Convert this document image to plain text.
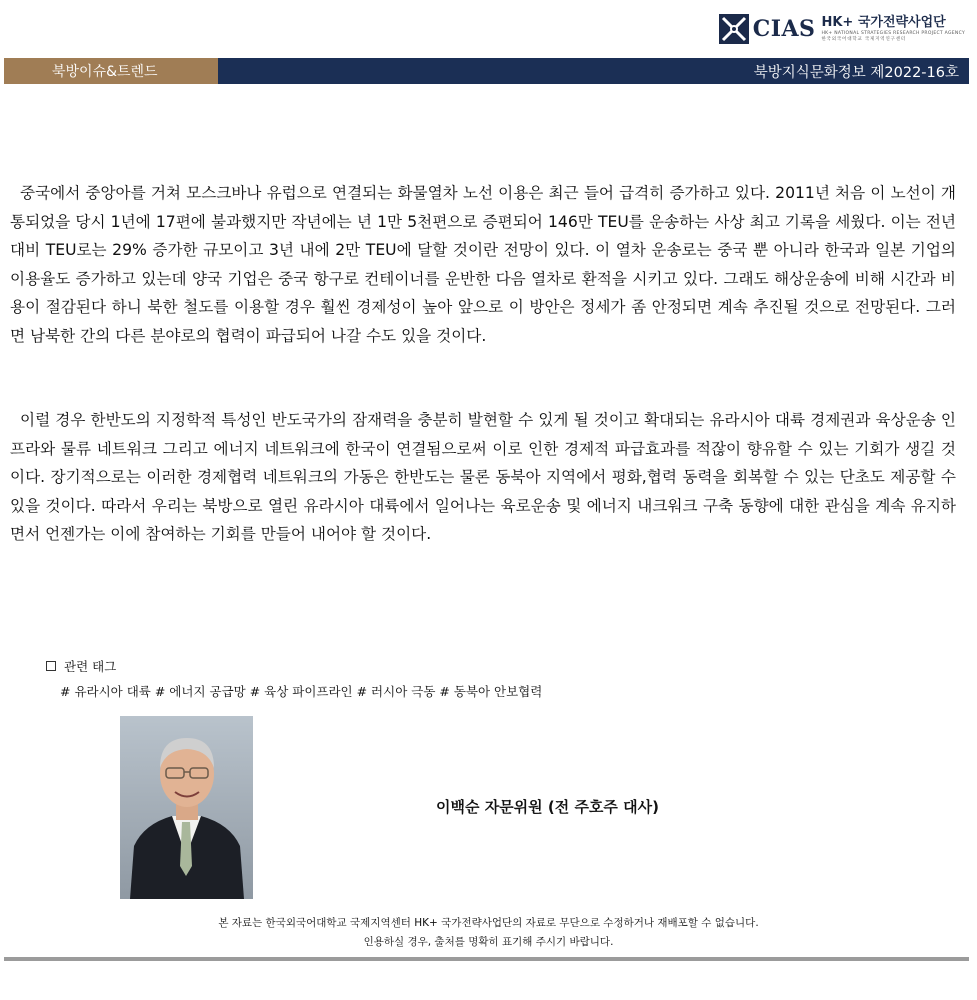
CIAS HK+ 국가전략사업단
HK+ NATIONAL STRATEGIES RESEARCH PROJECT AGENCY
한국외국어대학교 국제지역연구센터
북방이슈&트렌드	북방지식문화정보 제2022-16호

중국에서 중앙아를 거쳐 모스크바나 유럽으로 연결되는 화물열차 노선 이용은 최근 들어 급격히 증가하고 있다. 2011년 처음 이 노선이 개통되었을 당시 1년에 17편에 불과했지만 작년에는 년 1만 5천편으로 증편되어 146만 TEU를 운송하는 사상 최고 기록을 세웠다. 이는 전년 대비 TEU로는 29% 증가한 규모이고 3년 내에 2만 TEU에 달할 것이란 전망이 있다. 이 열차 운송로는 중국 뿐 아니라 한국과 일본 기업의 이용율도 증가하고 있는데 양국 기업은 중국 항구로 컨테이너를 운반한 다음 열차로 환적을 시키고 있다. 그래도 해상운송에 비해 시간과 비용이 절감된다 하니 북한 철도를 이용할 경우 훨씬 경제성이 높아 앞으로 이 방안은 정세가 좀 안정되면 계속 추진될 것으로 전망된다. 그러면 남북한 간의 다른 분야로의 협력이 파급되어 나갈 수도 있을 것이다.

이럴 경우 한반도의 지정학적 특성인 반도국가의 잠재력을 충분히 발현할 수 있게 될 것이고 확대되는 유라시아 대륙 경제권과 육상운송 인프라와 물류 네트워크 그리고 에너지 네트워크에 한국이 연결됨으로써 이로 인한 경제적 파급효과를 적잖이 향유할 수 있는 기회가 생길 것이다. 장기적으로는 이러한 경제협력 네트워크의 가동은 한반도는 물론 동북아 지역에서 평화,협력 동력을 회복할 수 있는 단초도 제공할 수 있을 것이다. 따라서 우리는 북방으로 열린 유라시아 대륙에서 일어나는 육로운송 및 에너지 내크워크 구축 동향에 대한 관심을 계속 유지하면서 언젠가는 이에 참여하는 기회를 만들어 내어야 할 것이다.

관련 태그
# 유라시아 대륙 # 에너지 공급망 # 육상 파이프라인 # 러시아 극동 # 동북아 안보협력
이백순 자문위원 (전 주호주 대사)
본 자료는 한국외국어대학교 국제지역센터 HK+ 국가전략사업단의 자료로 무단으로 수정하거나 재배포할 수 없습니다.
인용하실 경우, 출처를 명확히 표기해 주시기 바랍니다.
